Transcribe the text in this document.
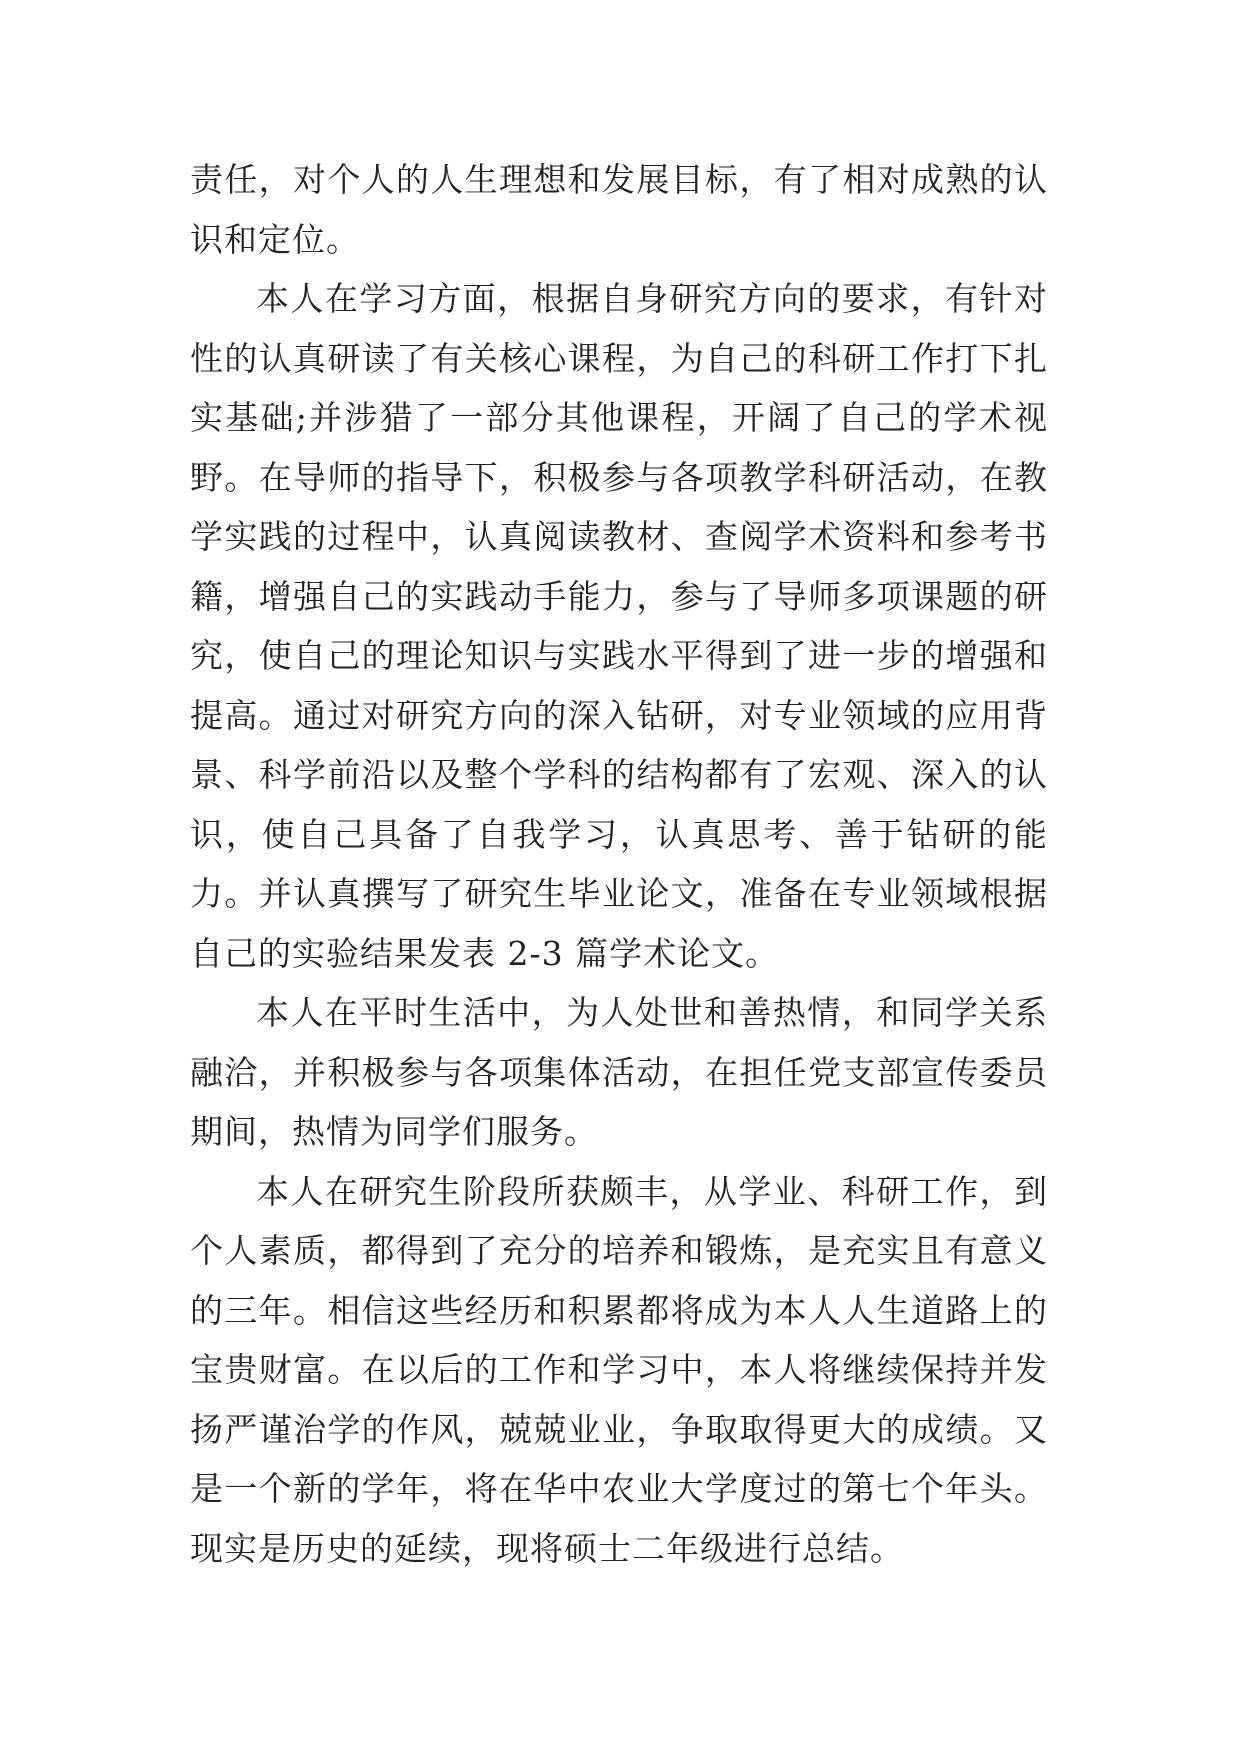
责任，对个人的人生理想和发展目标，有了相对成熟的认识和定位。

本人在学习方面，根据自身研究方向的要求，有针对性的认真研读了有关核心课程，为自己的科研工作打下扎实基础;并涉猎了一部分其他课程，开阔了自己的学术视野。在导师的指导下，积极参与各项教学科研活动，在教学实践的过程中，认真阅读教材、查阅学术资料和参考书籍，增强自己的实践动手能力，参与了导师多项课题的研究，使自己的理论知识与实践水平得到了进一步的增强和提高。通过对研究方向的深入钻研，对专业领域的应用背景、科学前沿以及整个学科的结构都有了宏观、深入的认识，使自己具备了自我学习，认真思考、善于钻研的能力。并认真撰写了研究生毕业论文，准备在专业领域根据自己的实验结果发表 2-3 篇学术论文。

本人在平时生活中，为人处世和善热情，和同学关系融洽，并积极参与各项集体活动，在担任党支部宣传委员期间，热情为同学们服务。

本人在研究生阶段所获颇丰，从学业、科研工作，到个人素质，都得到了充分的培养和锻炼，是充实且有意义的三年。相信这些经历和积累都将成为本人人生道路上的宝贵财富。在以后的工作和学习中，本人将继续保持并发扬严谨治学的作风，兢兢业业，争取取得更大的成绩。又是一个新的学年，将在华中农业大学度过的第七个年头。现实是历史的延续，现将硕士二年级进行总结。
